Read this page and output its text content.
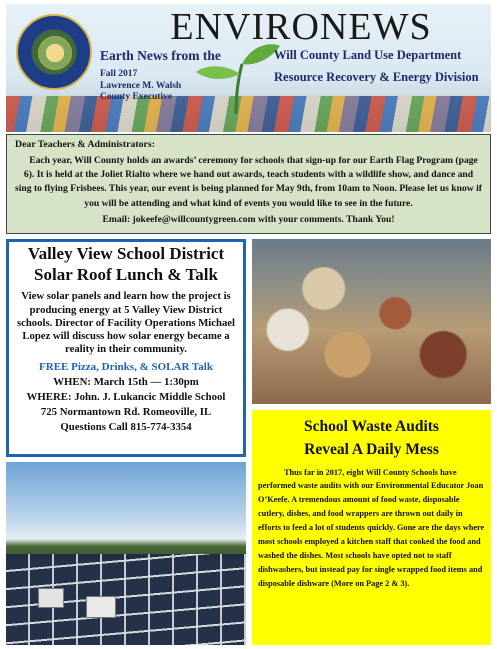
ENVIRONEWS
Earth News from the
Fall 2017
Lawrence M. Walsh
County Executive
Will County Land Use Department
Resource Recovery & Energy Division
Dear Teachers & Administrators:
Each year, Will County holds an awards’ ceremony for schools that sign-up for our Earth Flag Program (page 6). It is held at the Joliet Rialto where we hand out awards, teach students with a wildlife show, and dance and sing to flying Frisbees. This year, our event is being planned for May 9th, from 10am to Noon. Please let us know if you will be attending and what kind of events you would like to see in the future.
Email: jokeefe@willcountygreen.com with your comments. Thank You!
Valley View School District
Solar Roof Lunch & Talk
View solar panels and learn how the project is producing energy at 5 Valley View District schools. Director of Facility Operations Michael Lopez will discuss how solar energy became a reality in their community.
FREE Pizza, Drinks, & SOLAR Talk
WHEN: March 15th — 1:30pm
WHERE: John. J. Lukancic Middle School
725 Normantown Rd. Romeoville, IL
Questions Call 815-774-3354	School Waste Audits
Reveal A Daily Mess
Thus far in 2017, eight Will County Schools have performed waste audits with our Environmental Educator Joan O’Keefe. A tremendous amount of food waste, disposable cutlery, dishes, and food wrappers are thrown out daily in efforts to feed a lot of students quickly. Gone are the days where most schools employed a kitchen staff that cooked the food and washed the dishes. Most schools have opted not to staff dishwashers, but instead pay for single wrapped food items and disposable dishware (More on Page 2 & 3).
